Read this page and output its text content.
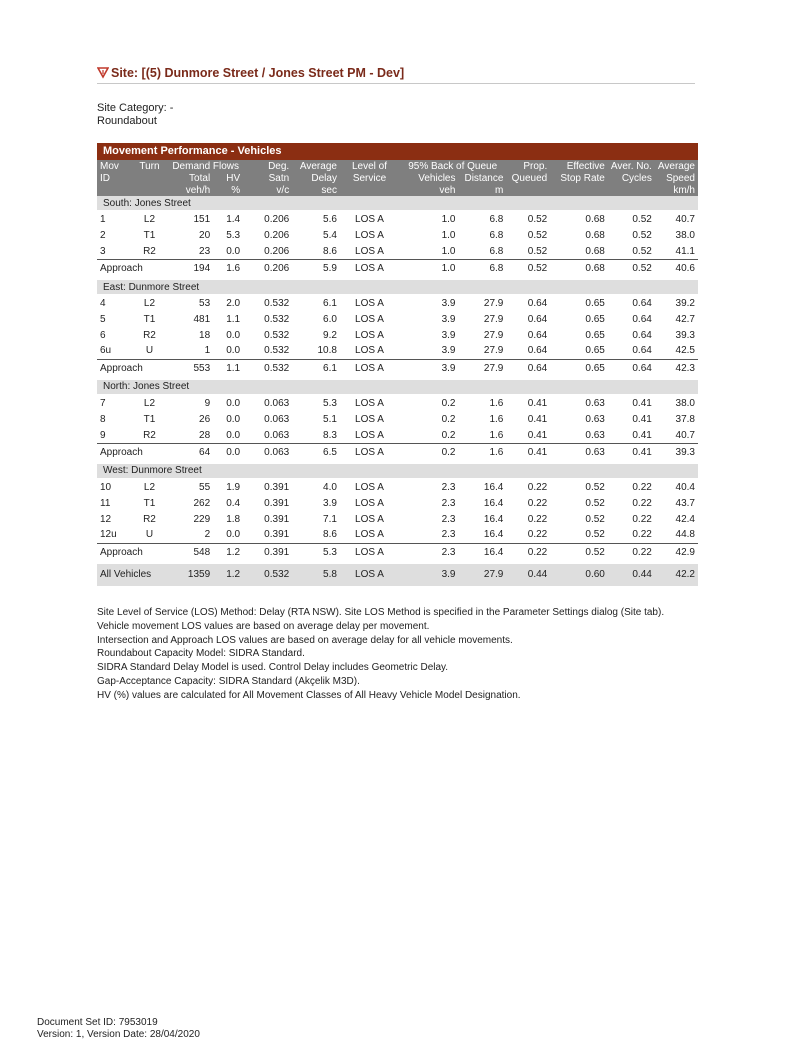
Site: [(5) Dunmore Street / Jones Street PM - Dev]
Site Category: -
Roundabout
Movement Performance - Vehicles												
Mov	Turn	Demand Flows		Deg.	Average	Level of	95% Back of Queue		Prop.	Effective	Aver. No.	Average
ID		Total	HV	Satn	Delay	Service	Vehicles	Distance	Queued	Stop Rate	Cycles	Speed
		veh/h	%	v/c	sec		veh	m				km/h
South: Jones Street												
1	L2	151	1.4	0.206	5.6	LOS A	1.0	6.8	0.52	0.68	0.52	40.7
2	T1	20	5.3	0.206	5.4	LOS A	1.0	6.8	0.52	0.68	0.52	38.0
3	R2	23	0.0	0.206	8.6	LOS A	1.0	6.8	0.52	0.68	0.52	41.1
Approach		194	1.6	0.206	5.9	LOS A	1.0	6.8	0.52	0.68	0.52	40.6

East: Dunmore Street												
4	L2	53	2.0	0.532	6.1	LOS A	3.9	27.9	0.64	0.65	0.64	39.2
5	T1	481	1.1	0.532	6.0	LOS A	3.9	27.9	0.64	0.65	0.64	42.7
6	R2	18	0.0	0.532	9.2	LOS A	3.9	27.9	0.64	0.65	0.64	39.3
6u	U	1	0.0	0.532	10.8	LOS A	3.9	27.9	0.64	0.65	0.64	42.5
Approach		553	1.1	0.532	6.1	LOS A	3.9	27.9	0.64	0.65	0.64	42.3

North: Jones Street												
7	L2	9	0.0	0.063	5.3	LOS A	0.2	1.6	0.41	0.63	0.41	38.0
8	T1	26	0.0	0.063	5.1	LOS A	0.2	1.6	0.41	0.63	0.41	37.8
9	R2	28	0.0	0.063	8.3	LOS A	0.2	1.6	0.41	0.63	0.41	40.7
Approach		64	0.0	0.063	6.5	LOS A	0.2	1.6	0.41	0.63	0.41	39.3

West: Dunmore Street												
10	L2	55	1.9	0.391	4.0	LOS A	2.3	16.4	0.22	0.52	0.22	40.4
11	T1	262	0.4	0.391	3.9	LOS A	2.3	16.4	0.22	0.52	0.22	43.7
12	R2	229	1.8	0.391	7.1	LOS A	2.3	16.4	0.22	0.52	0.22	42.4
12u	U	2	0.0	0.391	8.6	LOS A	2.3	16.4	0.22	0.52	0.22	44.8
Approach		548	1.2	0.391	5.3	LOS A	2.3	16.4	0.22	0.52	0.22	42.9

All Vehicles		1359	1.2	0.532	5.8	LOS A	3.9	27.9	0.44	0.60	0.44	42.2
Site Level of Service (LOS) Method: Delay (RTA NSW). Site LOS Method is specified in the Parameter Settings dialog (Site tab).
Vehicle movement LOS values are based on average delay per movement.
Intersection and Approach LOS values are based on average delay for all vehicle movements.
Roundabout Capacity Model: SIDRA Standard.
SIDRA Standard Delay Model is used. Control Delay includes Geometric Delay.
Gap-Acceptance Capacity: SIDRA Standard (Akçelik M3D).
HV (%) values are calculated for All Movement Classes of All Heavy Vehicle Model Designation.
Document Set ID: 7953019
Version: 1, Version Date: 28/04/2020
